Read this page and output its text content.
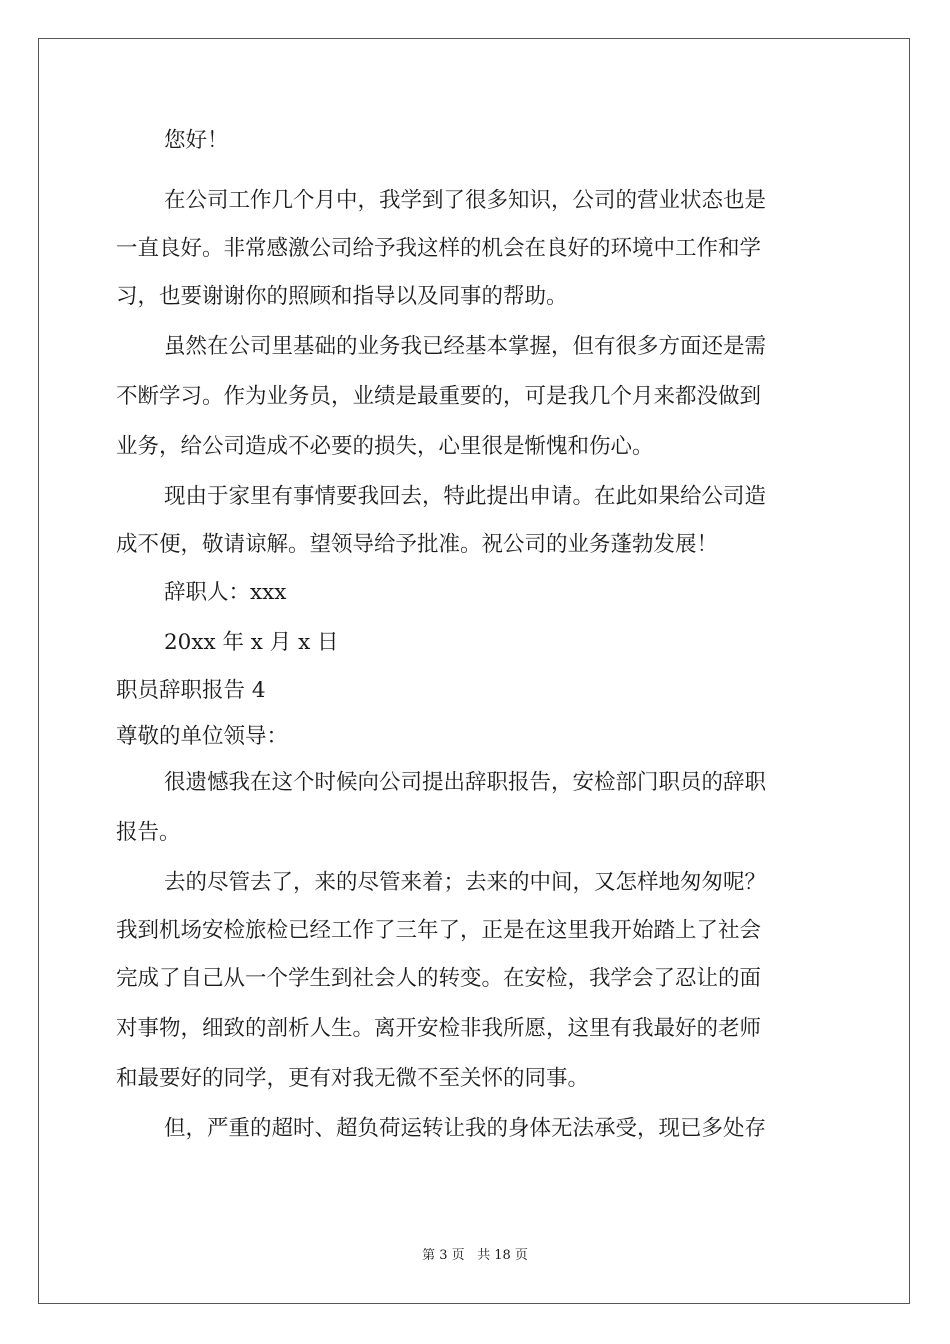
您好！
在公司工作几个月中，我学到了很多知识，公司的营业状态也是
一直良好。非常感激公司给予我这样的机会在良好的环境中工作和学
习，也要谢谢你的照顾和指导以及同事的帮助。
虽然在公司里基础的业务我已经基本掌握，但有很多方面还是需
不断学习。作为业务员，业绩是最重要的，可是我几个月来都没做到
业务，给公司造成不必要的损失，心里很是惭愧和伤心。
现由于家里有事情要我回去，特此提出申请。在此如果给公司造
成不便，敬请谅解。望领导给予批准。祝公司的业务蓬勃发展！
辞职人：xxx
20xx 年 x 月 x 日
职员辞职报告 4
尊敬的单位领导：
很遗憾我在这个时候向公司提出辞职报告，安检部门职员的辞职
报告。
去的尽管去了，来的尽管来着；去来的中间，又怎样地匆匆呢？
我到机场安检旅检已经工作了三年了，正是在这里我开始踏上了社会
完成了自己从一个学生到社会人的转变。在安检，我学会了忍让的面
对事物，细致的剖析人生。离开安检非我所愿，这里有我最好的老师
和最要好的同学，更有对我无微不至关怀的同事。
但，严重的超时、超负荷运转让我的身体无法承受，现已多处存
第 3 页 共 18 页
